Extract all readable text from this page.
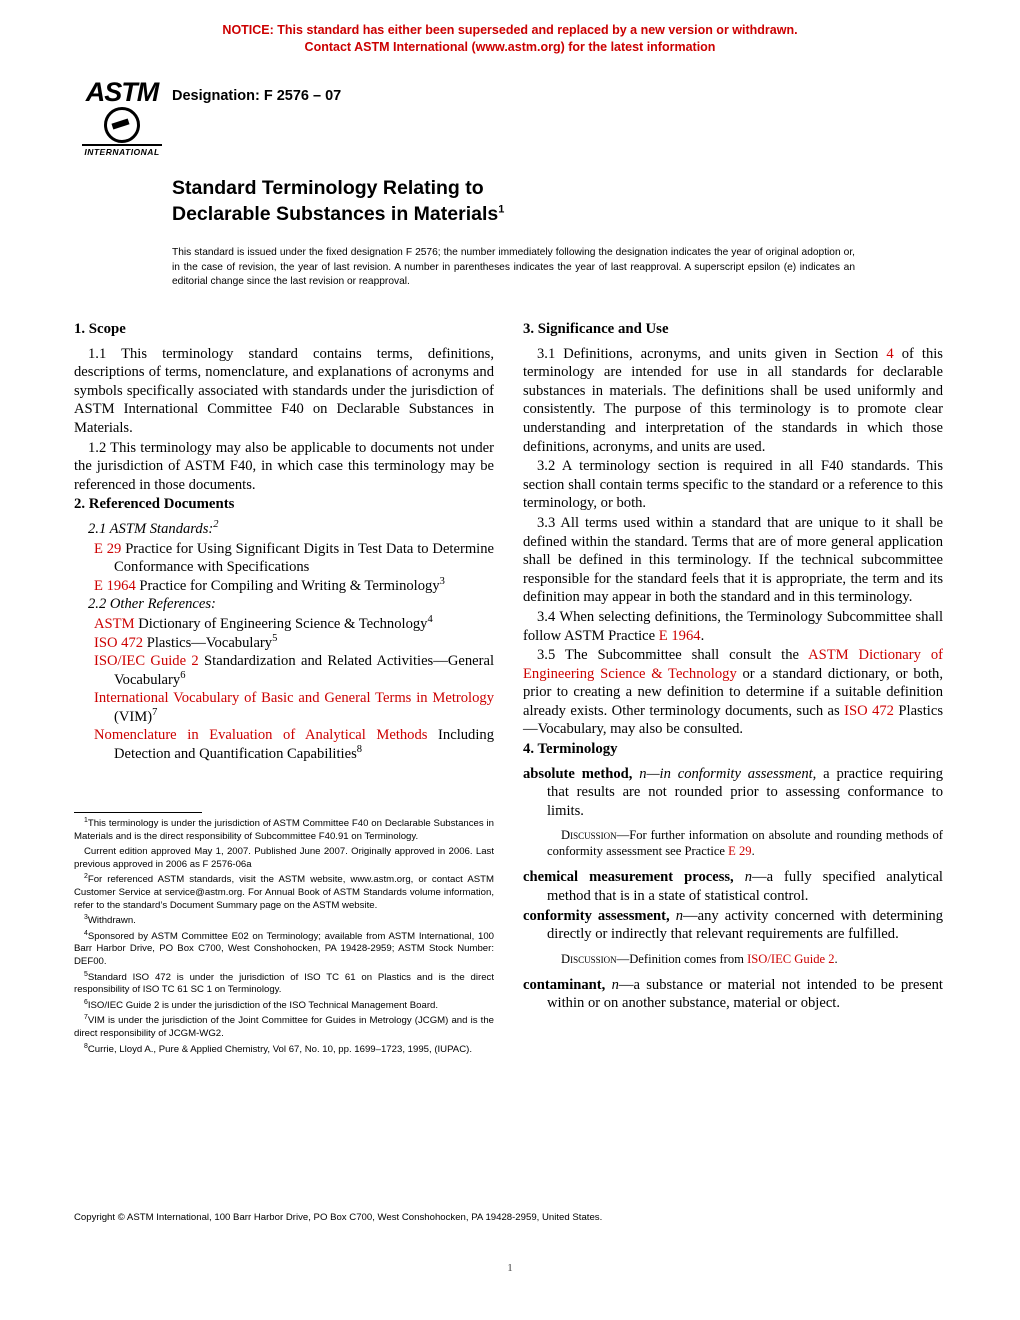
NOTICE: This standard has either been superseded and replaced by a new version or withdrawn.
Contact ASTM International (www.astm.org) for the latest information
ASTM
INTERNATIONAL
Designation: F 2576 – 07
Standard Terminology Relating to
Declarable Substances in Materials$^1$
This standard is issued under the fixed designation F 2576; the number immediately following the designation indicates the year of original adoption or, in the case of revision, the year of last revision. A number in parentheses indicates the year of last reapproval. A superscript epsilon (e) indicates an editorial change since the last revision or reapproval.
1. Scope

1.1 This terminology standard contains terms, definitions, descriptions of terms, nomenclature, and explanations of acronyms and symbols specifically associated with standards under the jurisdiction of ASTM International Committee F40 on Declarable Substances in Materials.

1.2 This terminology may also be applicable to documents not under the jurisdiction of ASTM F40, in which case this terminology may be referenced in those documents.

2. Referenced Documents

2.1 ASTM Standards:$^2$

E 29 Practice for Using Significant Digits in Test Data to Determine Conformance with Specifications

E 1964 Practice for Compiling and Writing & Terminology$^3$

2.2 Other References:

ASTM Dictionary of Engineering Science & Technology$^4$

ISO 472 Plastics—Vocabulary$^5$

ISO/IEC Guide 2 Standardization and Related Activities—General Vocabulary$^6$

International Vocabulary of Basic and General Terms in Metrology (VIM)$^7$

Nomenclature in Evaluation of Analytical Methods Including Detection and Quantification Capabilities$^8$

$^1$This terminology is under the jurisdiction of ASTM Committee F40 on Declarable Substances in Materials and is the direct responsibility of Subcommittee F40.91 on Terminology.

Current edition approved May 1, 2007. Published June 2007. Originally approved in 2006. Last previous approved in 2006 as F 2576-06a

$^2$For referenced ASTM standards, visit the ASTM website, www.astm.org, or contact ASTM Customer Service at service@astm.org. For Annual Book of ASTM Standards volume information, refer to the standard’s Document Summary page on the ASTM website.

$^3$Withdrawn.

$^4$Sponsored by ASTM Committee E02 on Terminology; available from ASTM International, 100 Barr Harbor Drive, PO Box C700, West Conshohocken, PA 19428-2959; ASTM Stock Number: DEF00.

$^5$Standard ISO 472 is under the jurisdiction of ISO TC 61 on Plastics and is the direct responsibility of ISO TC 61 SC 1 on Terminology.

$^6$ISO/IEC Guide 2 is under the jurisdiction of the ISO Technical Management Board.

$^7$VIM is under the jurisdiction of the Joint Committee for Guides in Metrology (JCGM) and is the direct responsibility of JCGM-WG2.

$^8$Currie, Lloyd A., Pure & Applied Chemistry, Vol 67, No. 10, pp. 1699–1723, 1995, (IUPAC).

3. Significance and Use

3.1 Definitions, acronyms, and units given in Section 4 of this terminology are intended for use in all standards for declarable substances in materials. The definitions shall be used uniformly and consistently. The purpose of this terminology is to promote clear understanding and interpretation of the standards in which those definitions, acronyms, and units are used.

3.2 A terminology section is required in all F40 standards. This section shall contain terms specific to the standard or a reference to this terminology, or both.

3.3 All terms used within a standard that are unique to it shall be defined within the standard. Terms that are of more general application shall be defined in this terminology. If the technical subcommittee responsible for the standard feels that it is appropriate, the term and its definition may appear in both the standard and in this terminology.

3.4 When selecting definitions, the Terminology Subcommittee shall follow ASTM Practice E 1964.

3.5 The Subcommittee shall consult the ASTM Dictionary of Engineering Science & Technology or a standard dictionary, or both, prior to creating a new definition to determine if a suitable definition already exists. Other terminology documents, such as ISO 472 Plastics—Vocabulary, may also be consulted.

4. Terminology

absolute method, n—in conformity assessment, a practice requiring that results are not rounded prior to assessing conformance to limits.

Discussion—For further information on absolute and rounding methods of conformity assessment see Practice E 29.

chemical measurement process, n—a fully specified analytical method that is in a state of statistical control.

conformity assessment, n—any activity concerned with determining directly or indirectly that relevant requirements are fulfilled.

Discussion—Definition comes from ISO/IEC Guide 2.

contaminant, n—a substance or material not intended to be present within or on another substance, material or object.

Copyright © ASTM International, 100 Barr Harbor Drive, PO Box C700, West Conshohocken, PA 19428-2959, United States.
1
